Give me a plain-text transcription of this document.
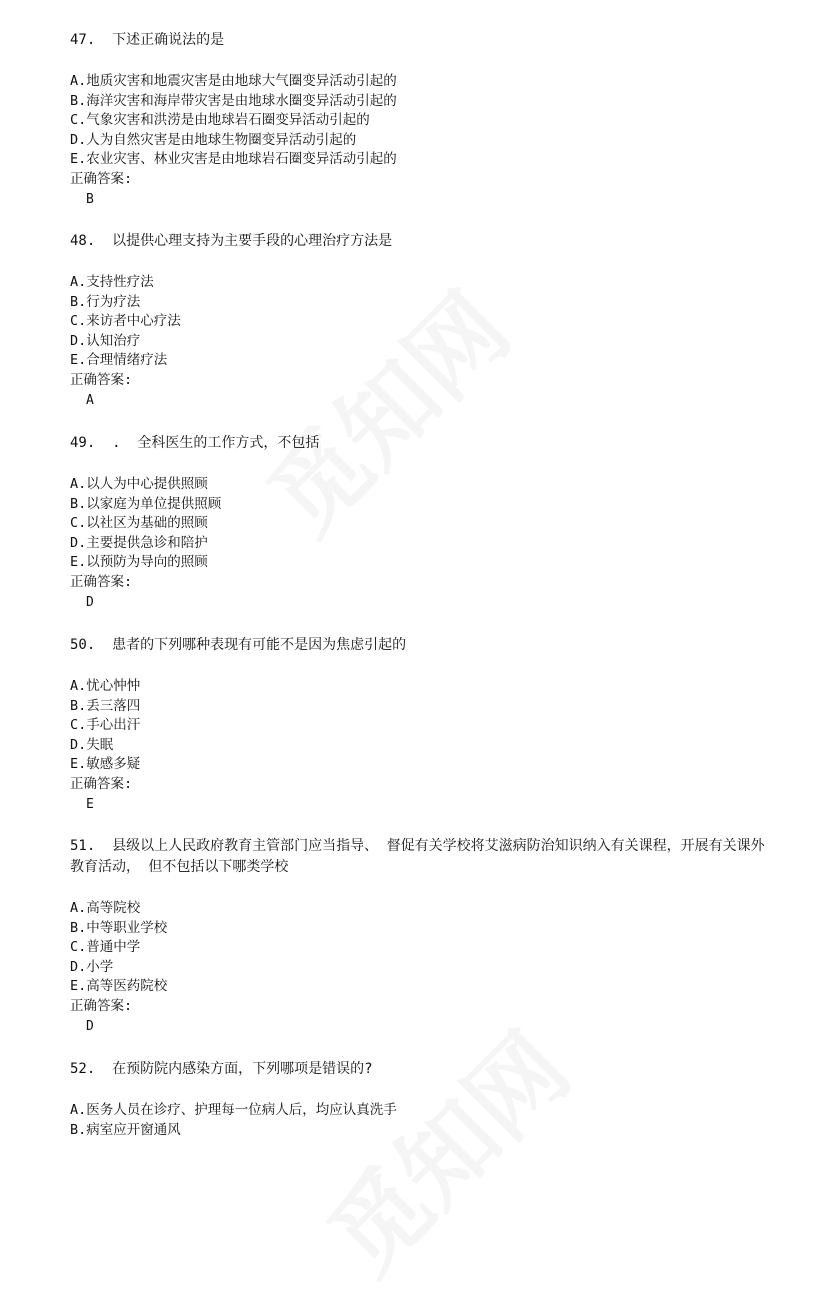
觅知网
觅知网

47.  下述正确说法的是

A.地质灾害和地震灾害是由地球大气圈变异活动引起的
B.海洋灾害和海岸带灾害是由地球水圈变异活动引起的
C.气象灾害和洪涝是由地球岩石圈变异活动引起的
D.人为自然灾害是由地球生物圈变异活动引起的
E.农业灾害、林业灾害是由地球岩石圈变异活动引起的
正确答案:
B

48.  以提供心理支持为主要手段的心理治疗方法是

A.支持性疗法
B.行为疗法
C.来访者中心疗法
D.认知治疗
E.合理情绪疗法
正确答案:
A

49.  .  全科医生的工作方式，不包括

A.以人为中心提供照顾
B.以家庭为单位提供照顾
C.以社区为基础的照顾
D.主要提供急诊和陪护
E.以预防为导向的照顾
正确答案:
D

50.  患者的下列哪种表现有可能不是因为焦虑引起的

A.忧心忡忡
B.丢三落四
C.手心出汗
D.失眠
E.敏感多疑
正确答案:
E

51.  县级以上人民政府教育主管部门应当指导、 督促有关学校将艾滋病防治知识纳入有关课程，开展有关课外教育活动， 但不包括以下哪类学校

A.高等院校
B.中等职业学校
C.普通中学
D.小学
E.高等医药院校
正确答案:
D

52.  在预防院内感染方面，下列哪项是错误的?

A.医务人员在诊疗、护理每一位病人后，均应认真洗手
B.病室应开窗通风
